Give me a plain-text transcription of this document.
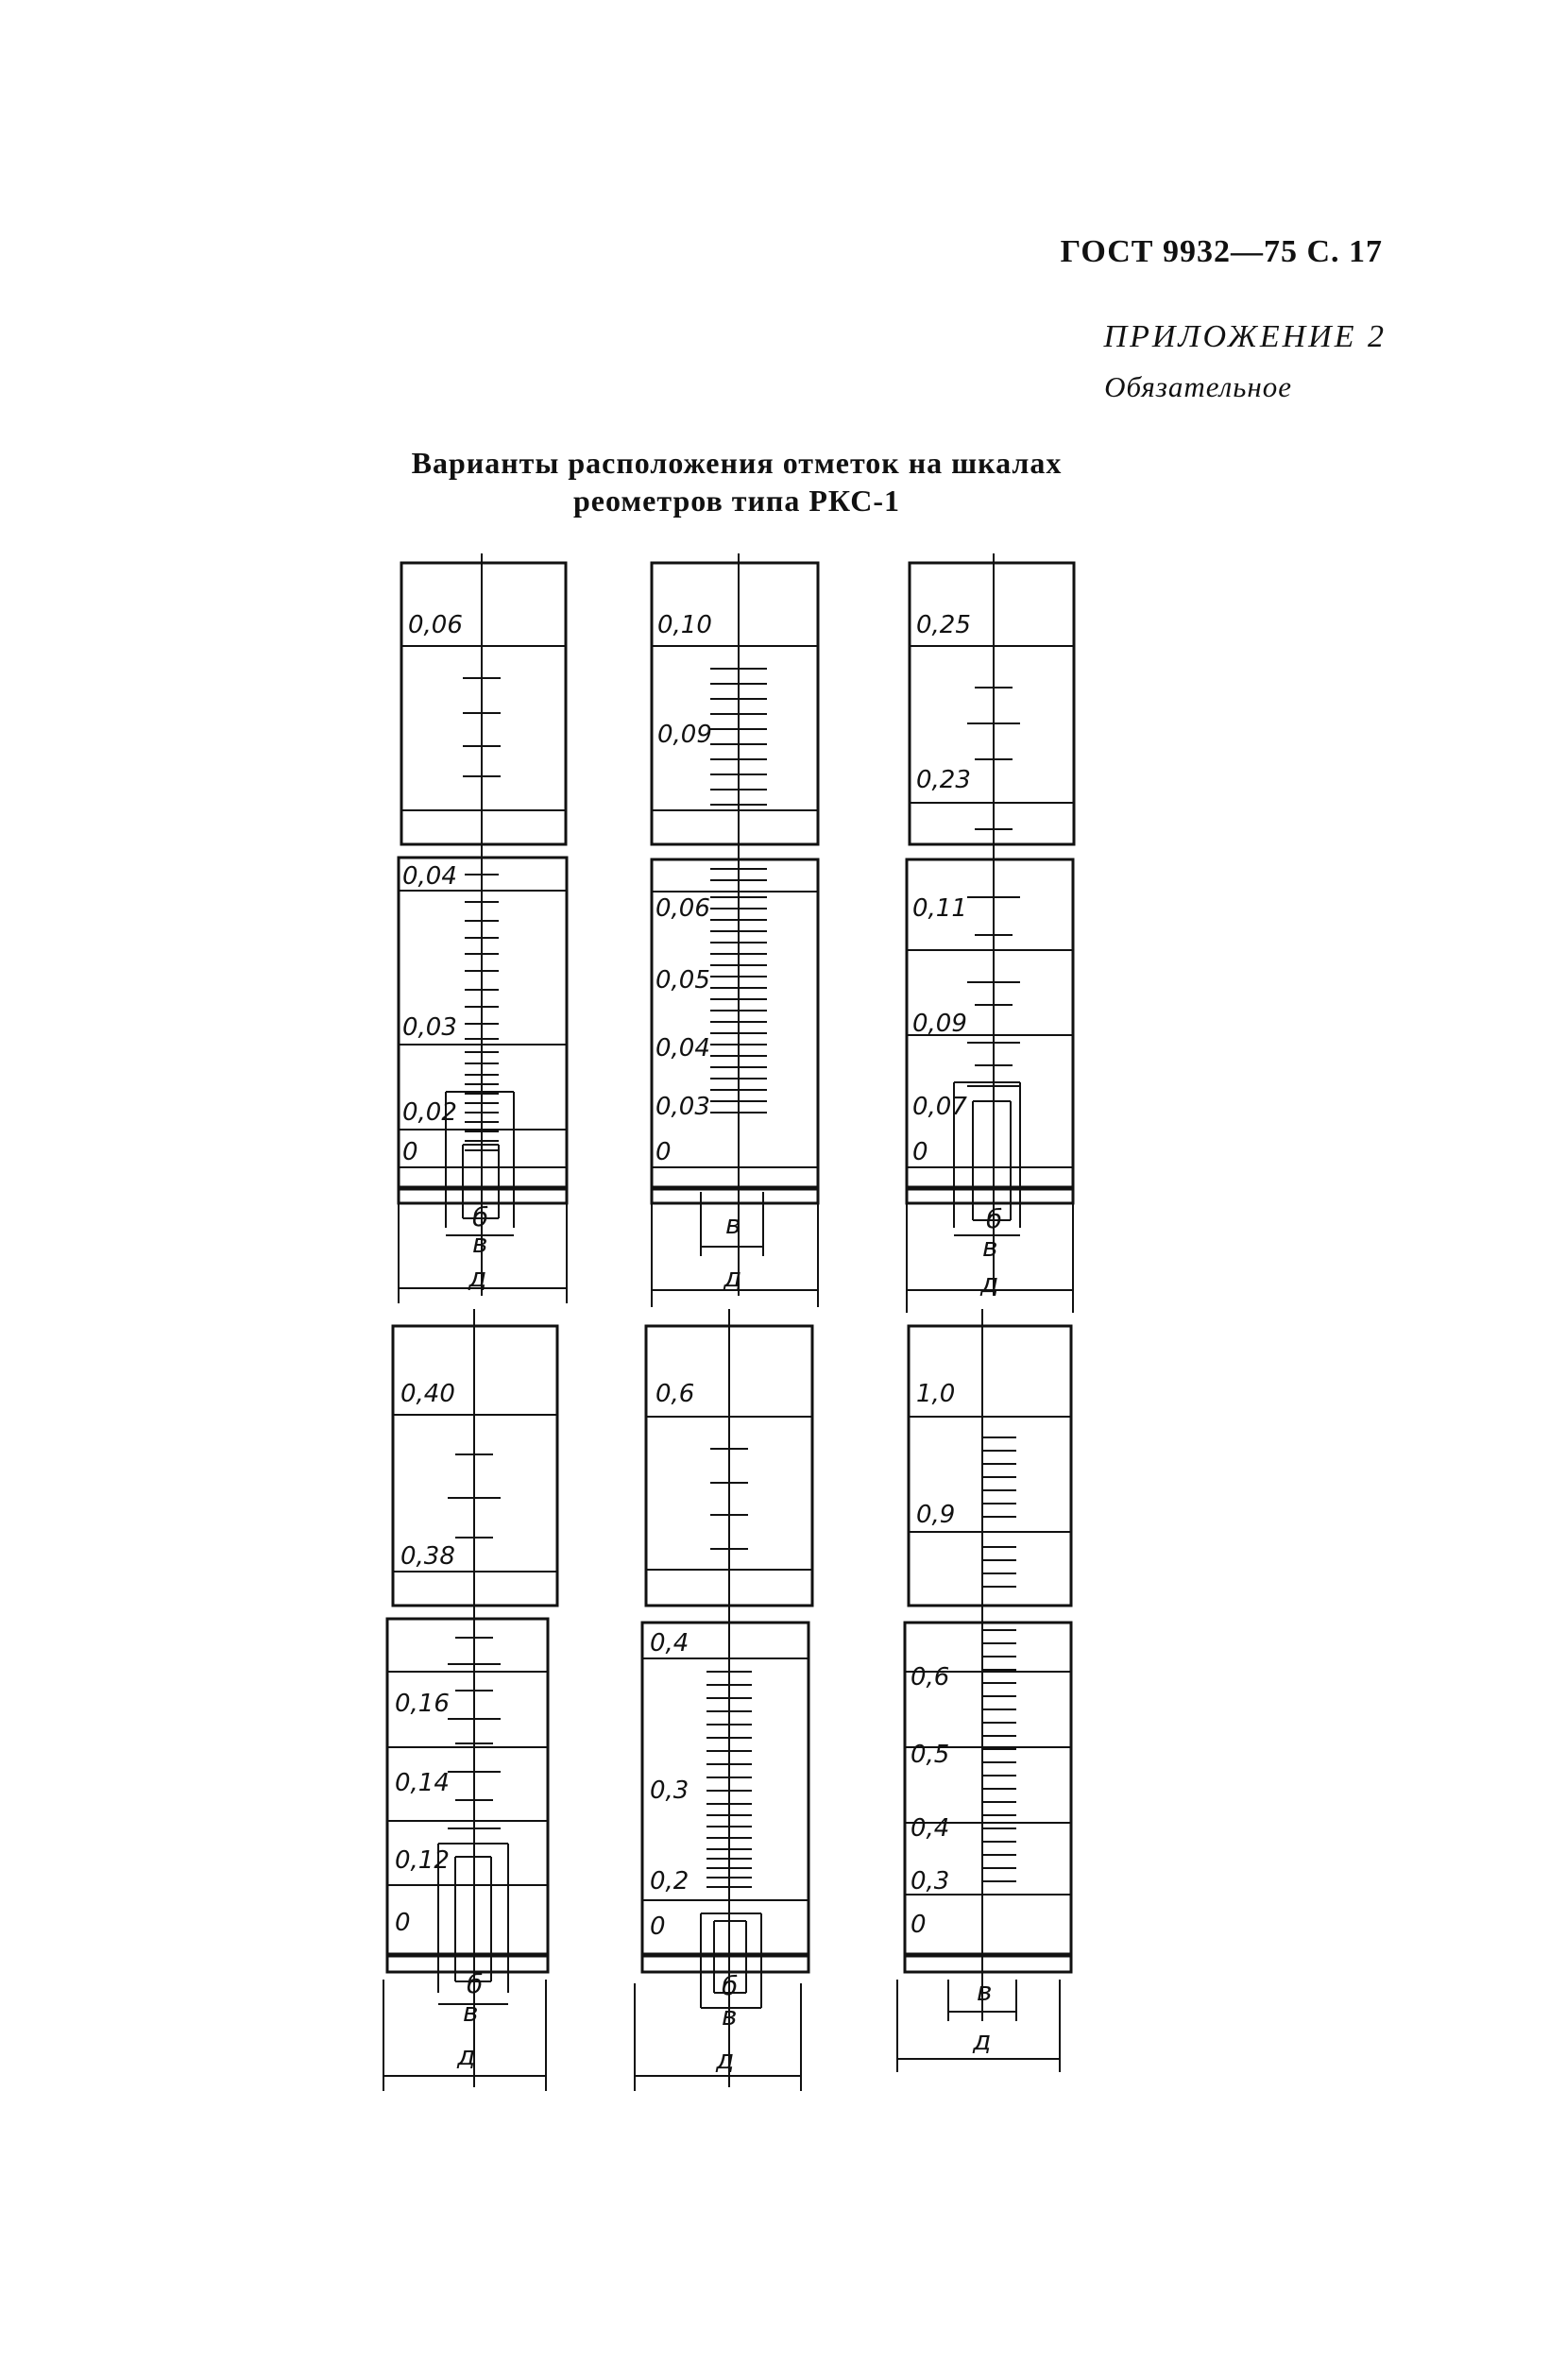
ГОСТ 9932—75 С. 17
ПРИЛОЖЕНИЕ 2
Обязательное
Варианты расположения отметок на шкалах
реометров типа РКС-1
0,06
0,04
0,03
0,02
0
б
в
д
0,10
0,09
0,06
0,05
0,04
0,03
0
в
д
0,25
0,23
0,11
0,09
0,07
0
б
в
д
0,40
0,38
0,16
0,14
0,12
0
б
в
д
0,6
0,4
0,3
0,2
0
б
в
д
1,0
0,9
0,6
0,5
0,4
0,3
0
в
д
